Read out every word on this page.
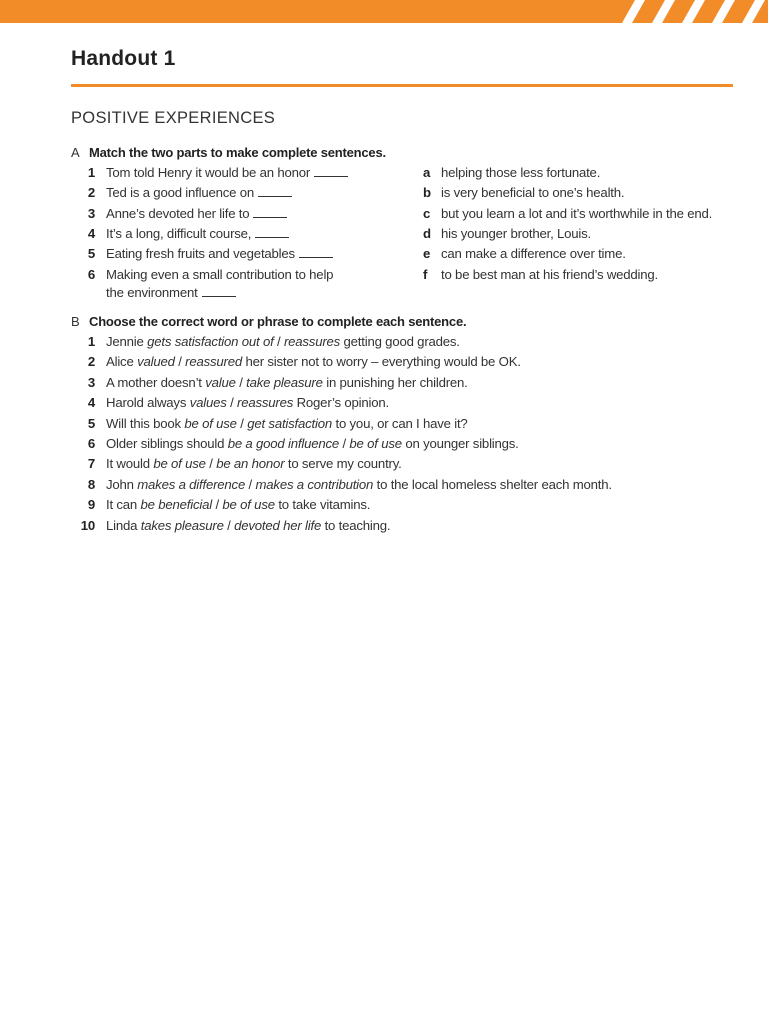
Handout 1
POSITIVE EXPERIENCES
A Match the two parts to make complete sentences.
1 Tom told Henry it would be an honor
2 Ted is a good influence on
3 Anne’s devoted her life to
4 It’s a long, difficult course,
5 Eating fresh fruits and vegetables
6 Making even a small contribution to help
the environment
a helping those less fortunate.
b is very beneficial to one’s health.
c but you learn a lot and it’s worthwhile in the end.
d his younger brother, Louis.
e can make a difference over time.
f	to be best man at his friend’s wedding.
B Choose the correct word or phrase to complete each sentence.
1 Jennie gets satisfaction out of / reassures getting good grades.
2 Alice valued / reassured her sister not to worry – everything would be OK.
3 A mother doesn’t value / take pleasure in punishing her children.
4 Harold always values / reassures Roger’s opinion.
5 Will this book be of use / get satisfaction to you, or can I have it?
6 Older siblings should be a good influence / be of use on younger siblings.
7 It would be of use / be an honor to serve my country.
8 John makes a difference / makes a contribution to the local homeless shelter each month.
9 It can be beneficial / be of use to take vitamins.
10 Linda takes pleasure / devoted her life to teaching.
